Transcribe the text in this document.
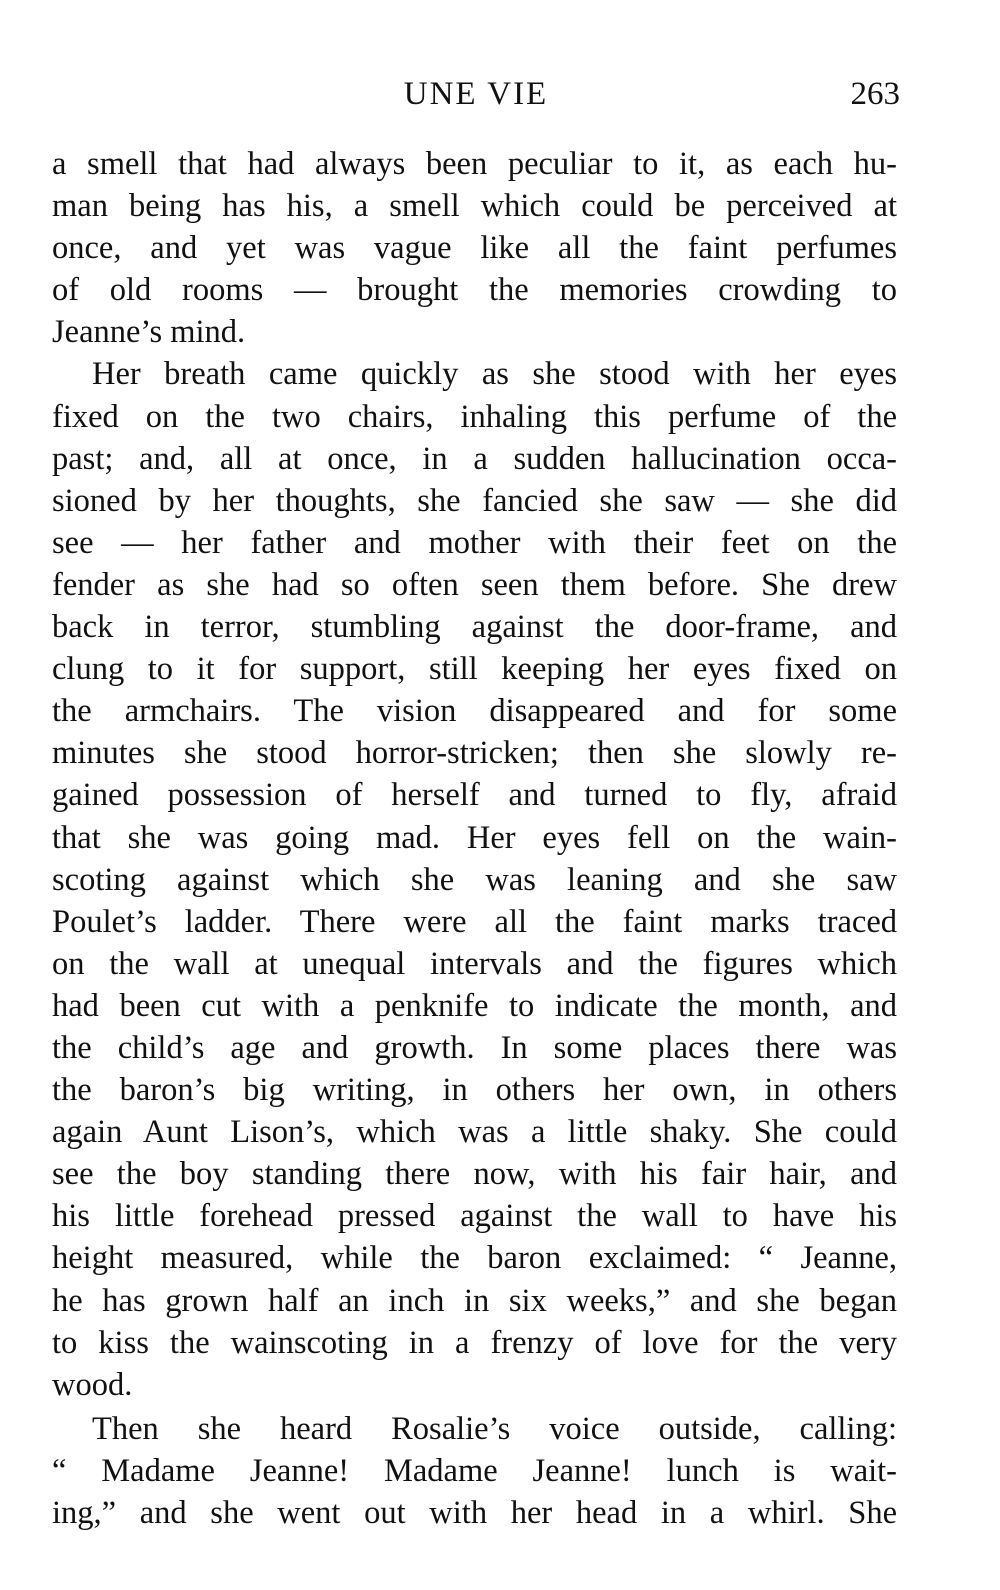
UNE VIE	263
a smell that had always been peculiar to it, as each hu-
man being has his, a smell which could be perceived at
once, and yet was vague like all the faint perfumes
of old rooms — brought the memories crowding to
Jeanne’s mind.
Her breath came quickly as she stood with her eyes
fixed on the two chairs, inhaling this perfume of the
past; and, all at once, in a sudden hallucination occa-
sioned by her thoughts, she fancied she saw — she did
see — her father and mother with their feet on the
fender as she had so often seen them before. She drew
back in terror, stumbling against the door-frame, and
clung to it for support, still keeping her eyes fixed on
the armchairs. The vision disappeared and for some
minutes she stood horror-stricken; then she slowly re-
gained possession of herself and turned to fly, afraid
that she was going mad. Her eyes fell on the wain-
scoting against which she was leaning and she saw
Poulet’s ladder. There were all the faint marks traced
on the wall at unequal intervals and the figures which
had been cut with a penknife to indicate the month, and
the child’s age and growth. In some places there was
the baron’s big writing, in others her own, in others
again Aunt Lison’s, which was a little shaky. She could
see the boy standing there now, with his fair hair, and
his little forehead pressed against the wall to have his
height measured, while the baron exclaimed: “ Jeanne,
he has grown half an inch in six weeks,” and she began
to kiss the wainscoting in a frenzy of love for the very
wood.
Then she heard Rosalie’s voice outside, calling:
“ Madame Jeanne! Madame Jeanne! lunch is wait-
ing,” and she went out with her head in a whirl. She
